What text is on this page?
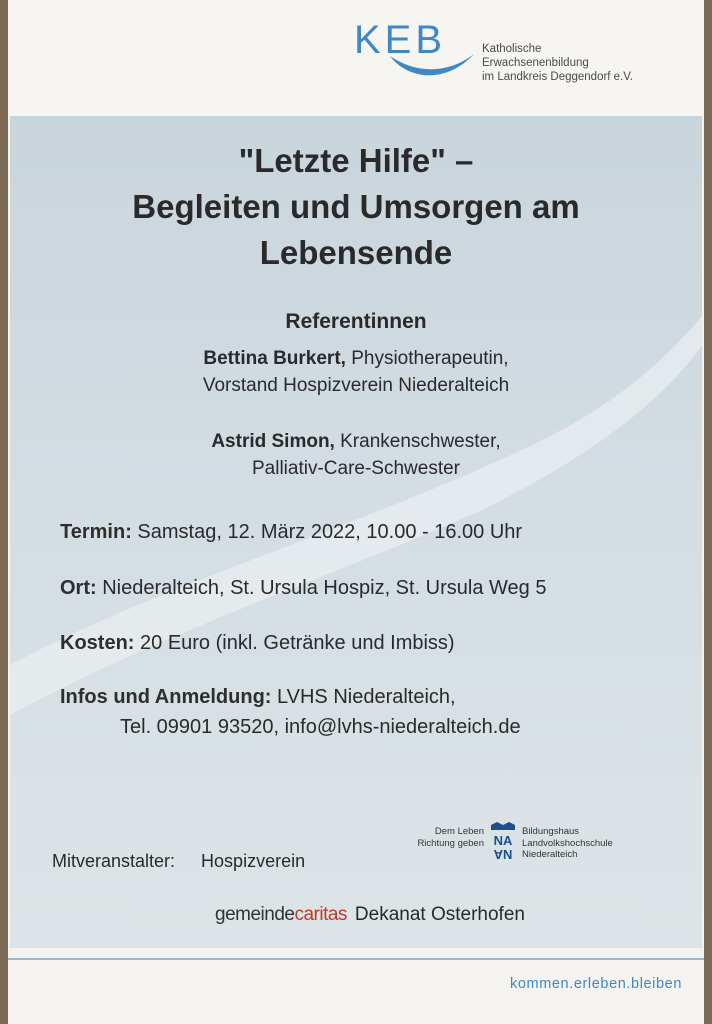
KEB	Katholische
Erwachsenenbildung
im Landkreis Deggendorf e.V.
"Letzte Hilfe" –
Begleiten und Umsorgen am
Lebensende
Referentinnen
Bettina Burkert, Physiotherapeutin,
Vorstand Hospizverein Niederalteich
Astrid Simon, Krankenschwester,
Palliativ-Care-Schwester
Termin: Samstag, 12. März 2022, 10.00 - 16.00 Uhr
Ort: Niederalteich, St. Ursula Hospiz, St. Ursula Weg 5
Kosten: 20 Euro (inkl. Getränke und Imbiss)
Infos und Anmeldung: LVHS Niederalteich,
Tel. 09901 93520, info@lvhs-niederalteich.de
Dem Leben
Richtung geben NA
NA
Bildungshaus
Landvolkshochschule
Niederalteich
Mitveranstalter: Hospizverein
gemeindecaritas Dekanat Osterhofen
kommen.erleben.bleiben
